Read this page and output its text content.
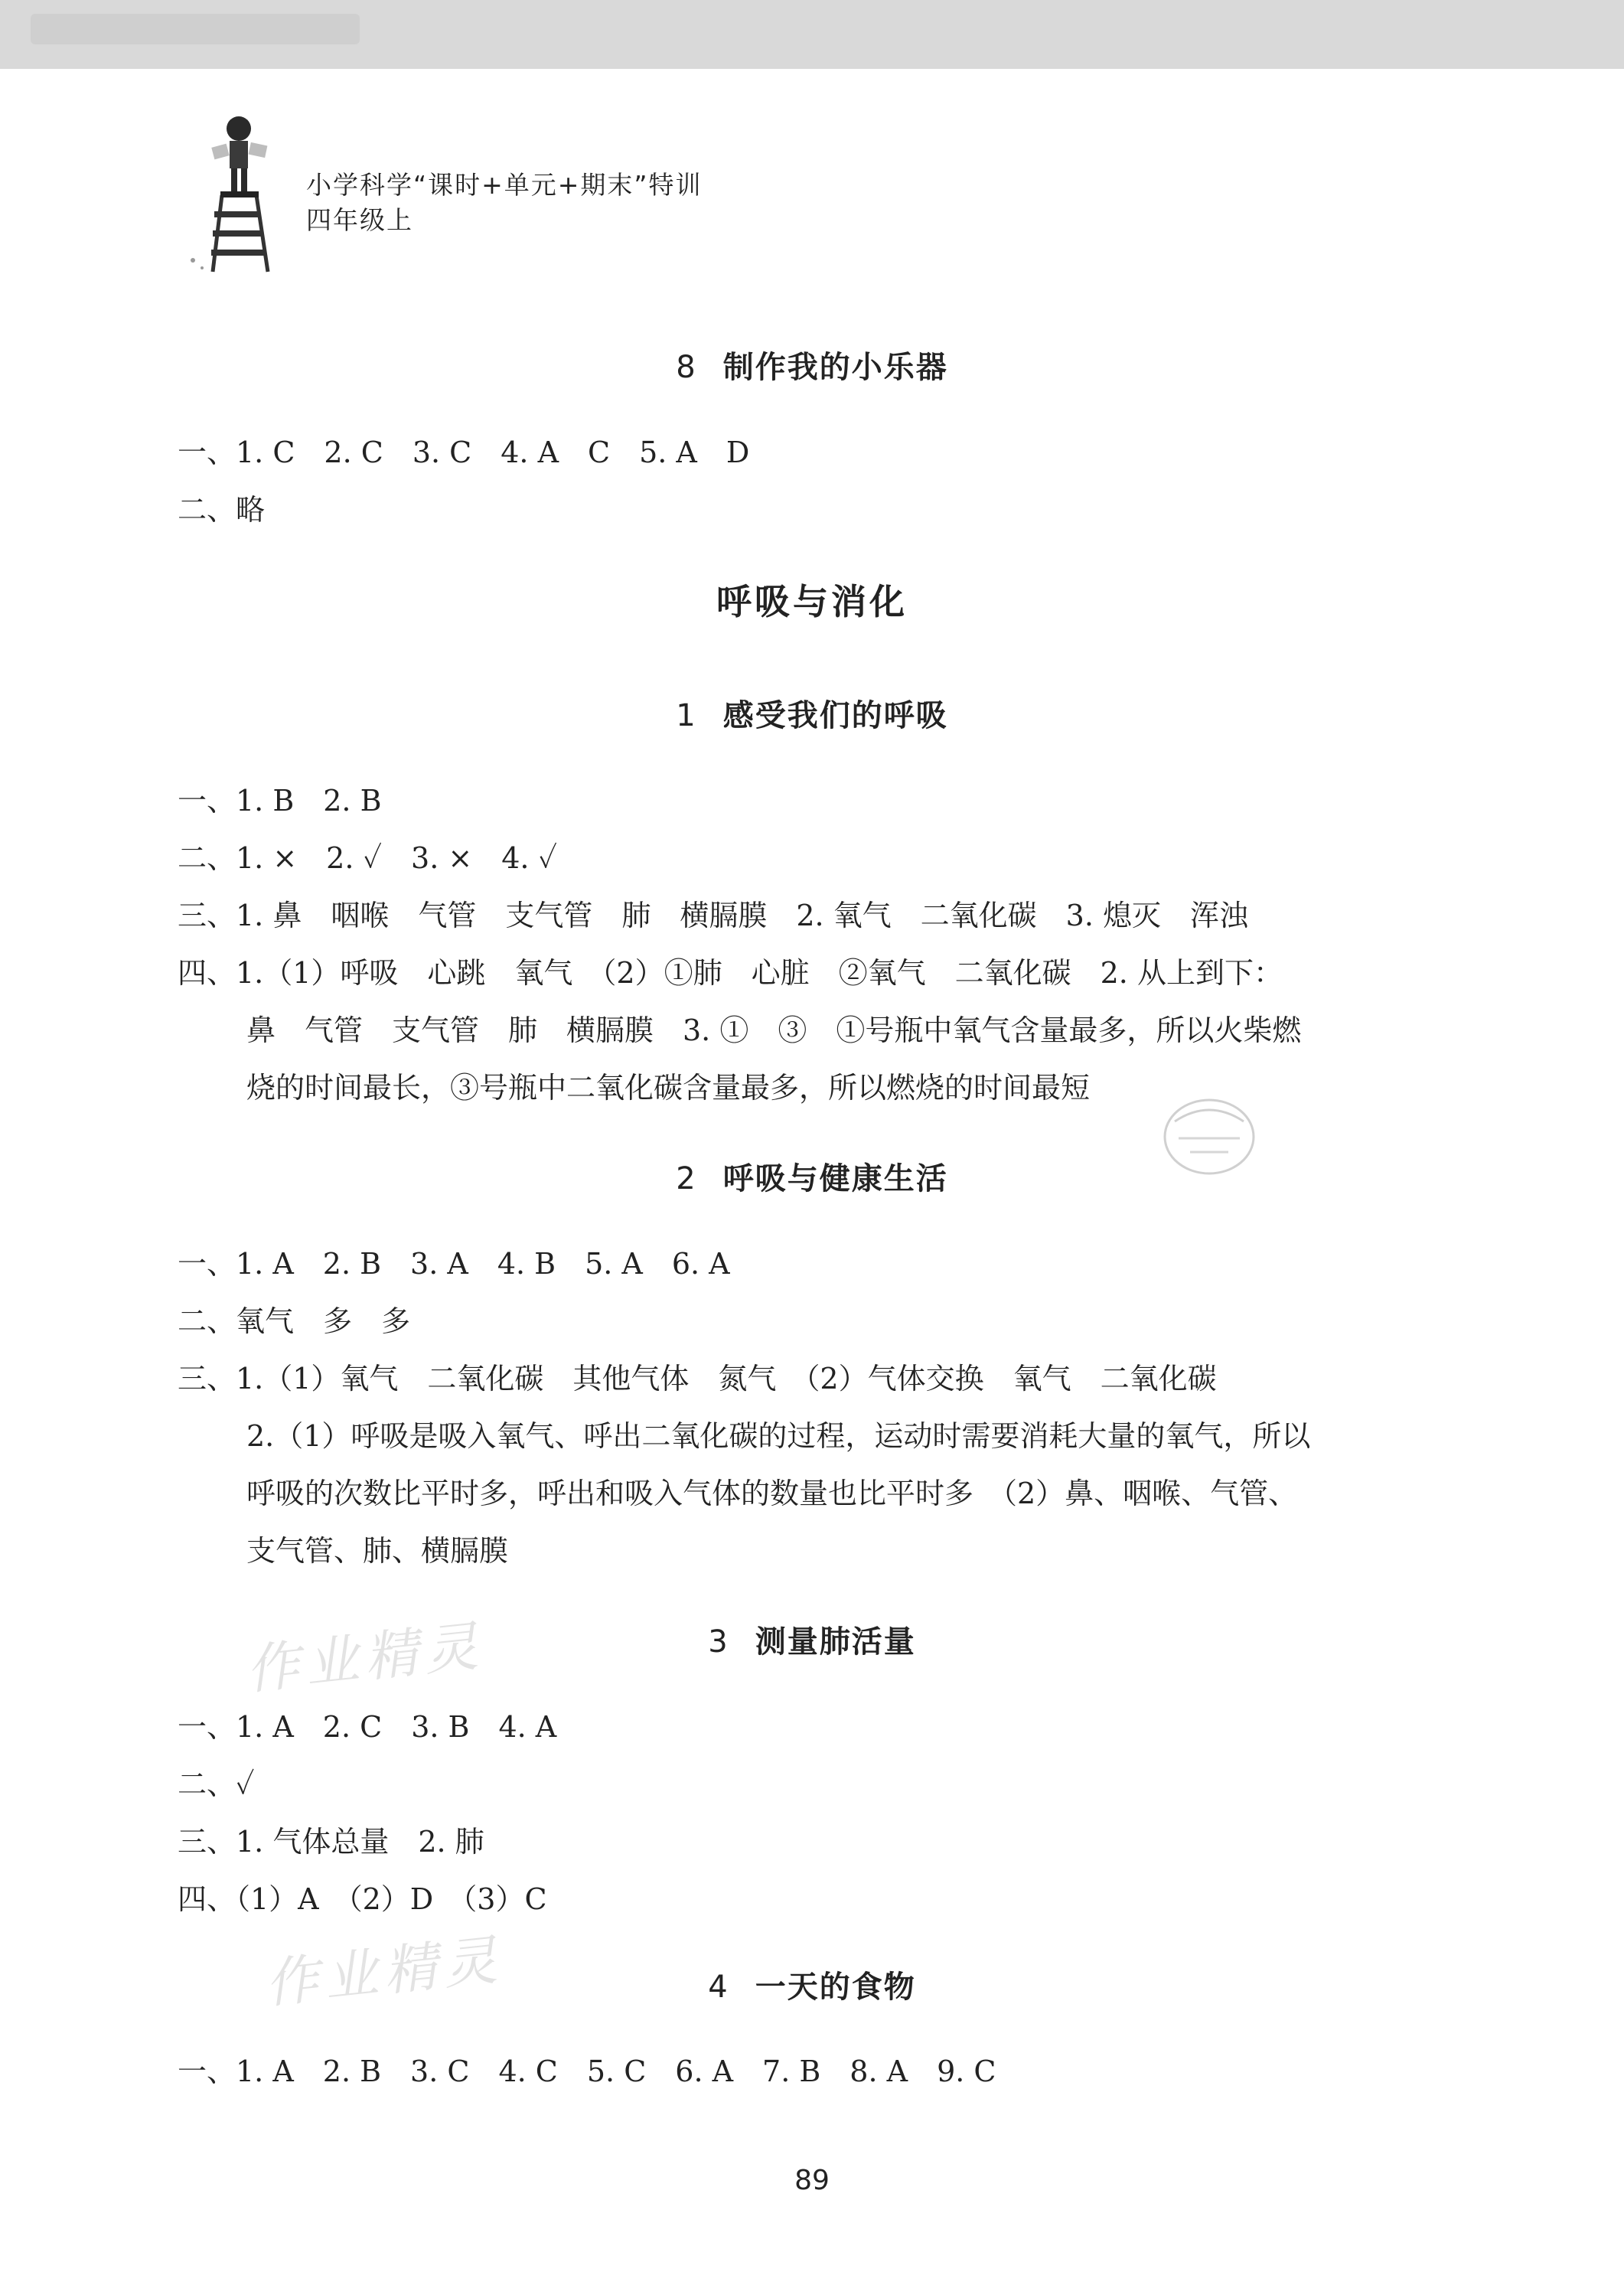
小学科学“课时+单元+期末”特训
四年级上
8 制作我的小乐器
一、1. C　2. C　3. C　4. A　C　5. A　D
二、略
呼吸与消化
1 感受我们的呼吸
一、1. B　2. B
二、1. ×　2. ✓　3. ×　4. ✓
三、1. 鼻　咽喉　气管　支气管　肺　横膈膜　2. 氧气　二氧化碳　3. 熄灭　浑浊
四、1.（1）呼吸　心跳　氧气　（2）①肺　心脏　②氧气　二氧化碳　2. 从上到下：
鼻　气管　支气管　肺　横膈膜　3. ①　③　①号瓶中氧气含量最多，所以火柴燃
烧的时间最长，③号瓶中二氧化碳含量最多，所以燃烧的时间最短
2 呼吸与健康生活
一、1. A　2. B　3. A　4. B　5. A　6. A
二、氧气　多　多
三、1.（1）氧气　二氧化碳　其他气体　氮气　（2）气体交换　氧气　二氧化碳
2.（1）呼吸是吸入氧气、呼出二氧化碳的过程，运动时需要消耗大量的氧气，所以
呼吸的次数比平时多，呼出和吸入气体的数量也比平时多　（2）鼻、咽喉、气管、
支气管、肺、横膈膜
作业精灵	3 测量肺活量
一、1. A　2. C　3. B　4. A
二、✓
三、1. 气体总量　2. 肺
四、（1）A　（2）D　（3）C
作业精灵	4 一天的食物
一、1. A　2. B　3. C　4. C　5. C　6. A　7. B　8. A　9. C
89
